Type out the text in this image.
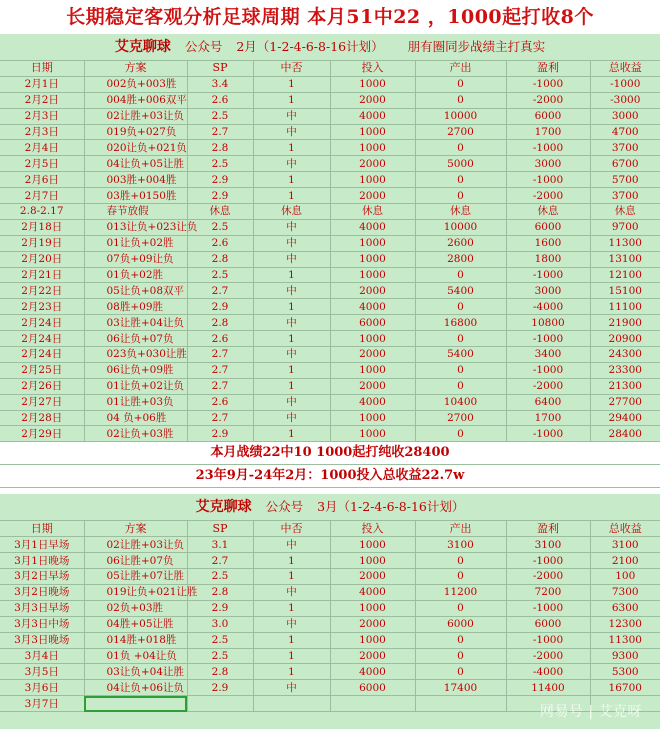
长期稳定客观分析足球周期 本月51中22 ，1000起打收8个
艾克聊球 公众号 2月（1-2-4-6-8-16计划） 朋有圈同步战绩主打真实
日期	方案	SP	中否	投入	产出	盈利	总收益
2月1日	002负+003胜	3.4	1	1000	0	-1000	-1000
2月2日	004胜+006双平	2.6	1	2000	0	-2000	-3000
2月3日	02让胜+03让负	2.5	中	4000	10000	6000	3000
2月3日	019负+027负	2.7	中	1000	2700	1700	4700
2月4日	020让负+021负	2.8	1	1000	0	-1000	3700
2月5日	04让负+05让胜	2.5	中	2000	5000	3000	6700
2月6日	003胜+004胜	2.9	1	1000	0	-1000	5700
2月7日	03胜+0150胜	2.9	1	2000	0	-2000	3700
2.8-2.17	春节放假	休息	休息	休息	休息	休息	休息
2月18日	013让负+023让负	2.5	中	4000	10000	6000	9700
2月19日	01让负+02胜	2.6	中	1000	2600	1600	11300
2月20日	07负+09让负	2.8	中	1000	2800	1800	13100
2月21日	01负+02胜	2.5	1	1000	0	-1000	12100
2月22日	05让负+08双平	2.7	中	2000	5400	3000	15100
2月23日	08胜+09胜	2.9	1	4000	0	-4000	11100
2月24日	03让胜+04让负	2.8	中	6000	16800	10800	21900
2月24日	06让负+07负	2.6	1	1000	0	-1000	20900
2月24日	023负+030让胜	2.7	中	2000	5400	3400	24300
2月25日	06让负+09胜	2.7	1	1000	0	-1000	23300
2月26日	01让负+02让负	2.7	1	2000	0	-2000	21300
2月27日	01让胜+03负	2.6	中	4000	10400	6400	27700
2月28日	04 负+06胜	2.7	中	1000	2700	1700	29400
2月29日	02让负+03胜	2.9	1	1000	0	-1000	28400
本月战绩22中10 1000起打纯收28400
23年9月-24年2月：1000投入总收益22.7w
艾克聊球 公众号 3月（1-2-4-6-8-16计划）
日期	方案	SP	中否	投入	产出	盈利	总收益
3月1日早场	02让胜+03让负	3.1	中	1000	3100	3100	3100
3月1日晚场	06让胜+07负	2.7	1	1000	0	-1000	2100
3月2日早场	05让胜+07让胜	2.5	1	2000	0	-2000	100
3月2日晚场	019让负+021让胜	2.8	中	4000	11200	7200	7300
3月3日早场	02负+03胜	2.9	1	1000	0	-1000	6300
3月3日中场	04胜+05让胜	3.0	中	2000	6000	6000	12300
3月3日晚场	014胜+018胜	2.5	1	1000	0	-1000	11300
3月4日	01负 +04让负	2.5	1	2000	0	-2000	9300
3月5日	03让负+04让胜	2.8	1	4000	0	-4000	5300
3月6日	04让负+06让负	2.9	中	6000	17400	11400	16700
3月7日							
网易号 | 艾克呀
